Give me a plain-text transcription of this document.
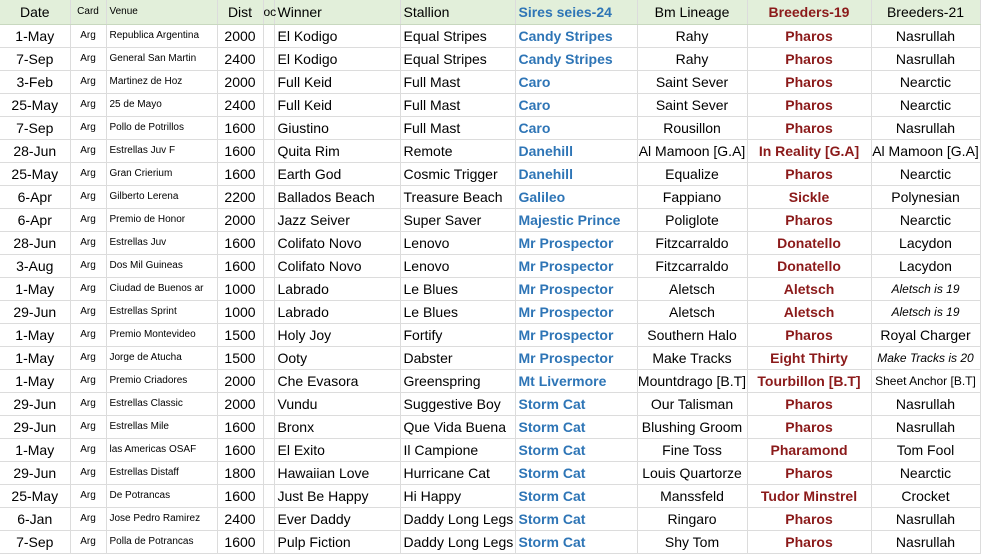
Date	Card	Venue	Dist	oc	Winner	Stallion	Sires seies-24	Bm Lineage	Breeders-19	Breeders-21
1-May	Arg	Republica Argentina	2000		El Kodigo	Equal Stripes	Candy Stripes	Rahy	Pharos	Nasrullah
7-Sep	Arg	General San Martin	2400		El Kodigo	Equal Stripes	Candy Stripes	Rahy	Pharos	Nasrullah
3-Feb	Arg	Martinez de Hoz	2000		Full Keid	Full Mast	Caro	Saint Sever	Pharos	Nearctic
25-May	Arg	25 de Mayo	2400		Full Keid	Full Mast	Caro	Saint Sever	Pharos	Nearctic
7-Sep	Arg	Pollo de Potrillos	1600		Giustino	Full Mast	Caro	Rousillon	Pharos	Nasrullah
28-Jun	Arg	Estrellas Juv F	1600		Quita Rim	Remote	Danehill	Al Mamoon [G.A]	In Reality [G.A]	Al Mamoon [G.A]
25-May	Arg	Gran Crierium	1600		Earth God	Cosmic Trigger	Danehill	Equalize	Pharos	Nearctic
6-Apr	Arg	Gilberto Lerena	2200		Ballados Beach	Treasure Beach	Galileo	Fappiano	Sickle	Polynesian
6-Apr	Arg	Premio de Honor	2000		Jazz Seiver	Super Saver	Majestic Prince	Poliglote	Pharos	Nearctic
28-Jun	Arg	Estrellas Juv	1600		Colifato Novo	Lenovo	Mr Prospector	Fitzcarraldo	Donatello	Lacydon
3-Aug	Arg	Dos Mil Guineas	1600		Colifato Novo	Lenovo	Mr Prospector	Fitzcarraldo	Donatello	Lacydon
1-May	Arg	Ciudad de Buenos ar	1000		Labrado	Le Blues	Mr Prospector	Aletsch	Aletsch	Aletsch is 19
29-Jun	Arg	Estrellas Sprint	1000		Labrado	Le Blues	Mr Prospector	Aletsch	Aletsch	Aletsch is 19
1-May	Arg	Premio Montevideo	1500		Holy Joy	Fortify	Mr Prospector	Southern Halo	Pharos	Royal Charger
1-May	Arg	Jorge de Atucha	1500		Ooty	Dabster	Mr Prospector	Make Tracks	Eight Thirty	Make Tracks is 20
1-May	Arg	Premio Criadores	2000		Che Evasora	Greenspring	Mt Livermore	Mountdrago [B.T]	Tourbillon [B.T]	Sheet Anchor [B.T]
29-Jun	Arg	Estrellas Classic	2000		Vundu	Suggestive Boy	Storm Cat	Our Talisman	Pharos	Nasrullah
29-Jun	Arg	Estrellas Mile	1600		Bronx	Que Vida Buena	Storm Cat	Blushing Groom	Pharos	Nasrullah
1-May	Arg	las Americas OSAF	1600		El Exito	Il Campione	Storm Cat	Fine Toss	Pharamond	Tom Fool
29-Jun	Arg	Estrellas Distaff	1800		Hawaiian Love	Hurricane Cat	Storm Cat	Louis Quartorze	Pharos	Nearctic
25-May	Arg	De Potrancas	1600		Just Be Happy	Hi Happy	Storm Cat	Manssfeld	Tudor Minstrel	Crocket
6-Jan	Arg	Jose Pedro Ramirez	2400		Ever Daddy	Daddy Long Legs	Storm Cat	Ringaro	Pharos	Nasrullah
7-Sep	Arg	Polla de Potrancas	1600		Pulp Fiction	Daddy Long Legs	Storm Cat	Shy Tom	Pharos	Nasrullah
